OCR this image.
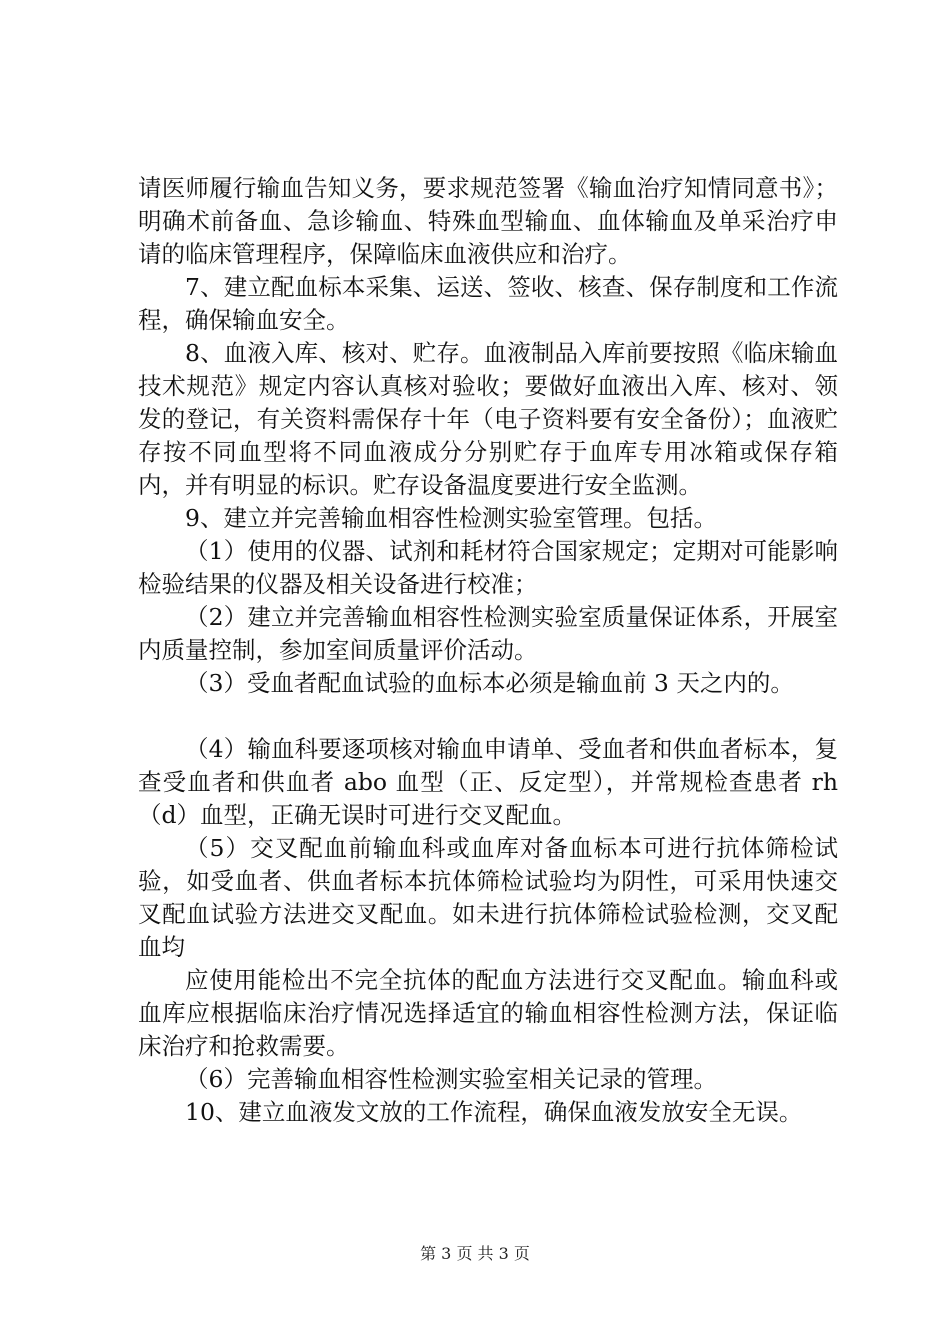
请医师履行输血告知义务，要求规范签署《输血治疗知情同意书》；明确术前备血、急诊输血、特殊血型输血、血体输血及单采治疗申请的临床管理程序，保障临床血液供应和治疗。

7、建立配血标本采集、运送、签收、核查、保存制度和工作流程，确保输血安全。

8、血液入库、核对、贮存。血液制品入库前要按照《临床输血技术规范》规定内容认真核对验收；要做好血液出入库、核对、领发的登记，有关资料需保存十年（电子资料要有安全备份）；血液贮存按不同血型将不同血液成分分别贮存于血库专用冰箱或保存箱内，并有明显的标识。贮存设备温度要进行安全监测。

9、建立并完善输血相容性检测实验室管理。包括。

（1）使用的仪器、试剂和耗材符合国家规定；定期对可能影响检验结果的仪器及相关设备进行校准；

（2）建立并完善输血相容性检测实验室质量保证体系，开展室内质量控制，参加室间质量评价活动。

（3）受血者配血试验的血标本必须是输血前 3 天之内的。

（4）输血科要逐项核对输血申请单、受血者和供血者标本，复查受血者和供血者 abo 血型（正、反定型），并常规检查患者 rh（d）血型，正确无误时可进行交叉配血。

（5）交叉配血前输血科或血库对备血标本可进行抗体筛检试验，如受血者、供血者标本抗体筛检试验均为阴性，可采用快速交叉配血试验方法进交叉配血。如未进行抗体筛检试验检测，交叉配血均

应使用能检出不完全抗体的配血方法进行交叉配血。输血科或血库应根据临床治疗情况选择适宜的输血相容性检测方法，保证临床治疗和抢救需要。

（6）完善输血相容性检测实验室相关记录的管理。

10、建立血液发文放的工作流程，确保血液发放安全无误。

第 3 页 共 3 页
